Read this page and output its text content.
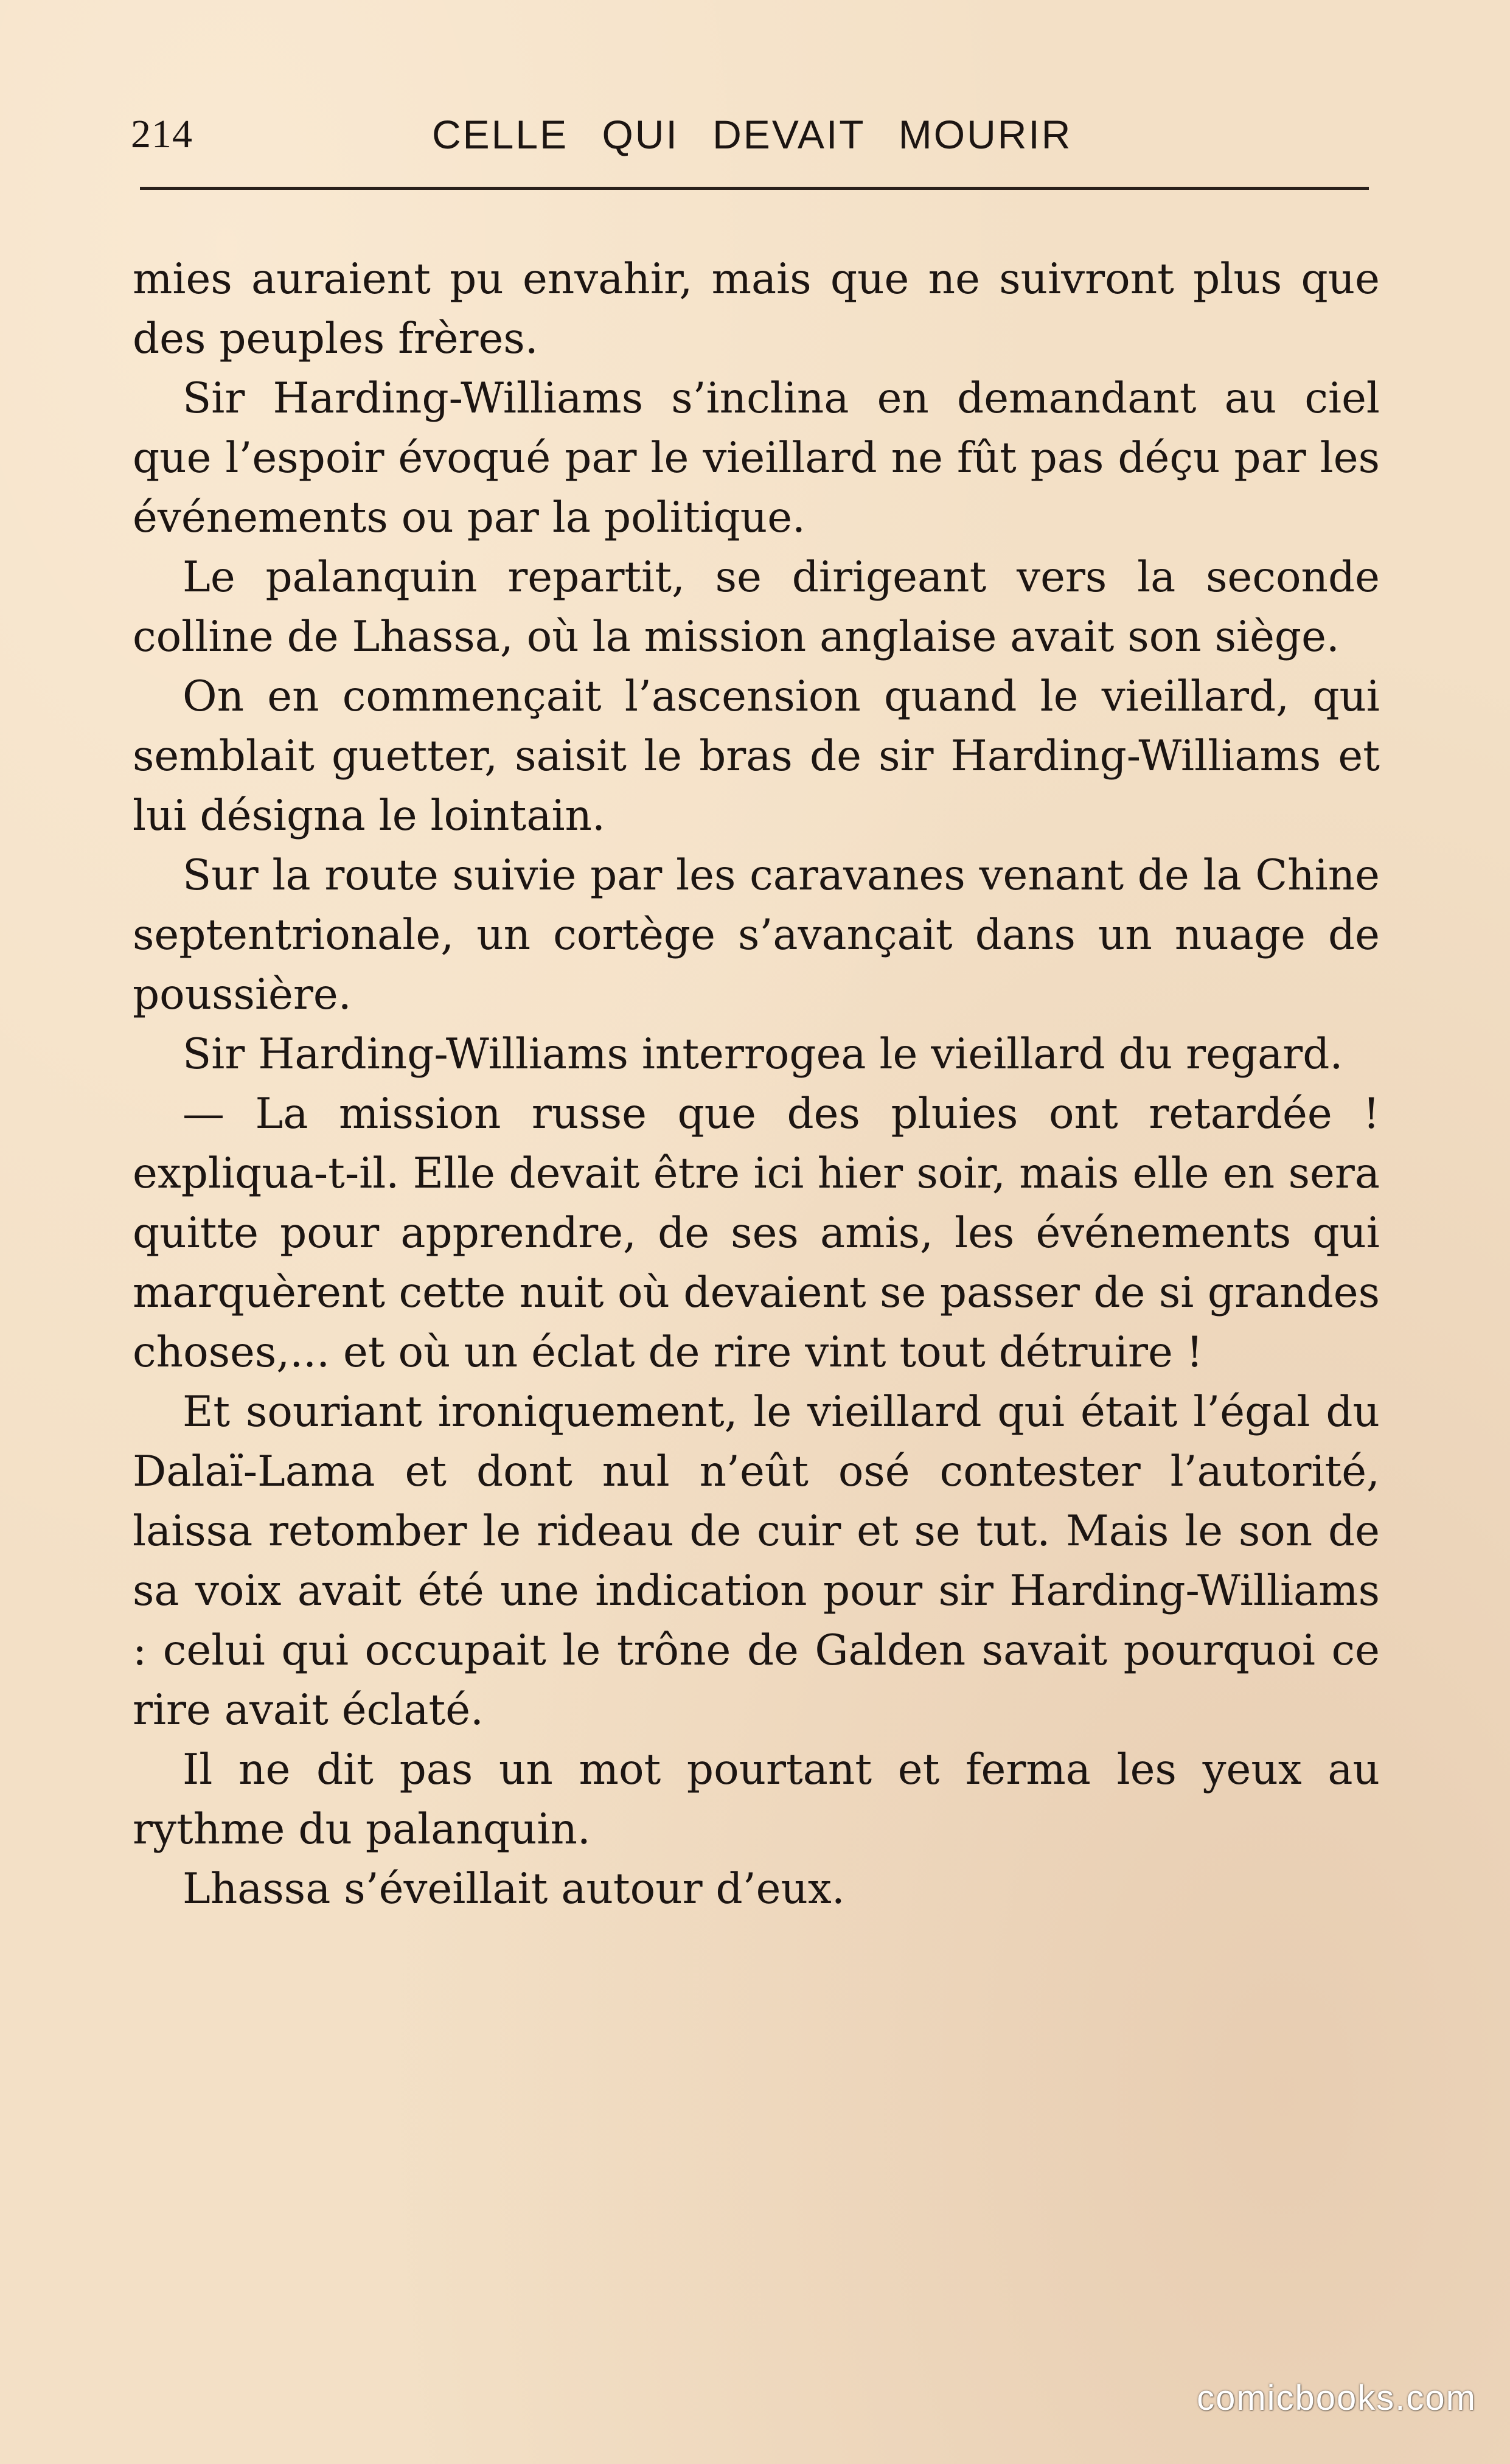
214	CELLE QUI DEVAIT MOURIR

mies auraient pu envahir, mais que ne suivront plus que des peuples frères.

Sir Harding-Williams s’inclina en demandant au ciel que l’espoir évoqué par le vieillard ne fût pas déçu par les événements ou par la politique.

Le palanquin repartit, se dirigeant vers la seconde colline de Lhassa, où la mission anglaise avait son siège.

On en commençait l’ascension quand le vieillard, qui semblait guetter, saisit le bras de sir Harding-Williams et lui désigna le lointain.

Sur la route suivie par les caravanes venant de la Chine septentrionale, un cortège s’avançait dans un nuage de poussière.

Sir Harding-Williams interrogea le vieillard du regard.

— La mission russe que des pluies ont retardée ! expliqua-t-il. Elle devait être ici hier soir, mais elle en sera quitte pour apprendre, de ses amis, les événements qui marquèrent cette nuit où devaient se passer de si grandes choses,... et où un éclat de rire vint tout détruire !

Et souriant ironiquement, le vieillard qui était l’égal du Dalaï-Lama et dont nul n’eût osé contester l’autorité, laissa retomber le rideau de cuir et se tut. Mais le son de sa voix avait été une indication pour sir Harding-Williams : celui qui occupait le trône de Galden savait pourquoi ce rire avait éclaté.

Il ne dit pas un mot pourtant et ferma les yeux au rythme du palanquin.

Lhassa s’éveillait autour d’eux.

comicbooks.com
